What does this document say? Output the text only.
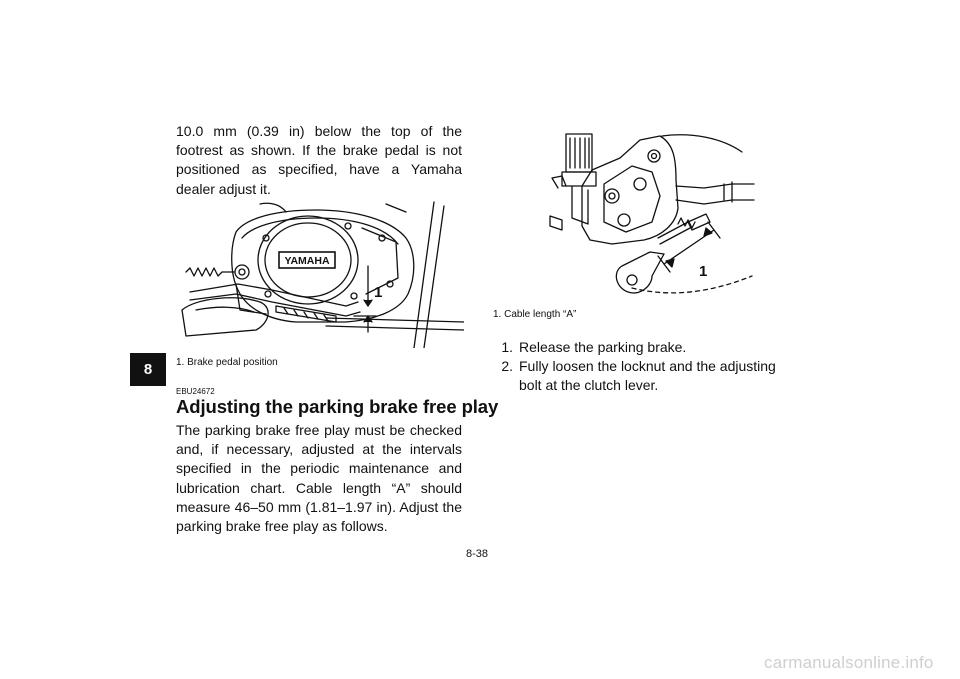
8

10.0 mm (0.39 in) below the top of the footrest as shown. If the brake pedal is not positioned as specified, have a Yamaha dealer adjust it.

YAMAHA
1
1. Brake pedal position
EBU24672
Adjusting the parking brake free play

The parking brake free play must be checked and, if necessary, adjusted at the intervals specified in the periodic maintenance and lubrication chart. Cable length “A” should measure 46–50 mm (1.81–1.97 in). Adjust the parking brake free play as follows.

1
1. Cable length “A”
1. Release the parking brake.
2. Fully loosen the locknut and the adjusting bolt at the clutch lever.
8-38
carmanualsonline.info
